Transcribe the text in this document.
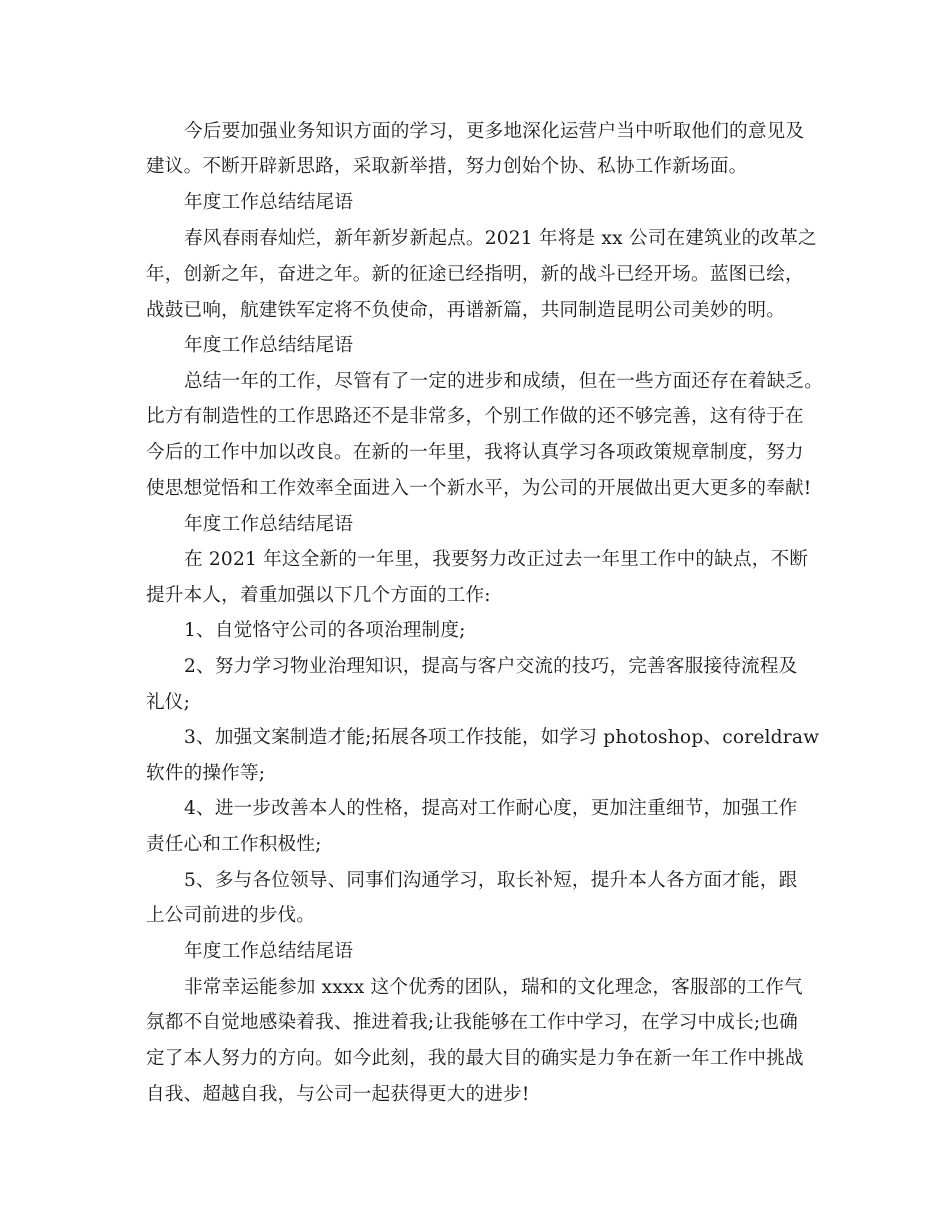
今后要加强业务知识方面的学习，更多地深化运营户当中听取他们的意见及

建议。不断开辟新思路，采取新举措，努力创始个协、私协工作新场面。

年度工作总结结尾语

春风春雨春灿烂，新年新岁新起点。2021 年将是 xx 公司在建筑业的改革之

年，创新之年，奋进之年。新的征途已经指明，新的战斗已经开场。蓝图已绘，

战鼓已响，航建铁军定将不负使命，再谱新篇，共同制造昆明公司美妙的明。

年度工作总结结尾语

总结一年的工作，尽管有了一定的进步和成绩，但在一些方面还存在着缺乏。

比方有制造性的工作思路还不是非常多，个别工作做的还不够完善，这有待于在

今后的工作中加以改良。在新的一年里，我将认真学习各项政策规章制度，努力

使思想觉悟和工作效率全面进入一个新水平，为公司的开展做出更大更多的奉献!

年度工作总结结尾语

在 2021 年这全新的一年里，我要努力改正过去一年里工作中的缺点，不断

提升本人，着重加强以下几个方面的工作:

1、自觉恪守公司的各项治理制度;

2、努力学习物业治理知识，提高与客户交流的技巧，完善客服接待流程及

礼仪;

3、加强文案制造才能;拓展各项工作技能，如学习 photoshop、coreldraw

软件的操作等;

4、进一步改善本人的性格，提高对工作耐心度，更加注重细节，加强工作

责任心和工作积极性;

5、多与各位领导、同事们沟通学习，取长补短，提升本人各方面才能，跟

上公司前进的步伐。

年度工作总结结尾语

非常幸运能参加 xxxx 这个优秀的团队，瑞和的文化理念，客服部的工作气

氛都不自觉地感染着我、推进着我;让我能够在工作中学习，在学习中成长;也确

定了本人努力的方向。如今此刻，我的最大目的确实是力争在新一年工作中挑战

自我、超越自我，与公司一起获得更大的进步!
